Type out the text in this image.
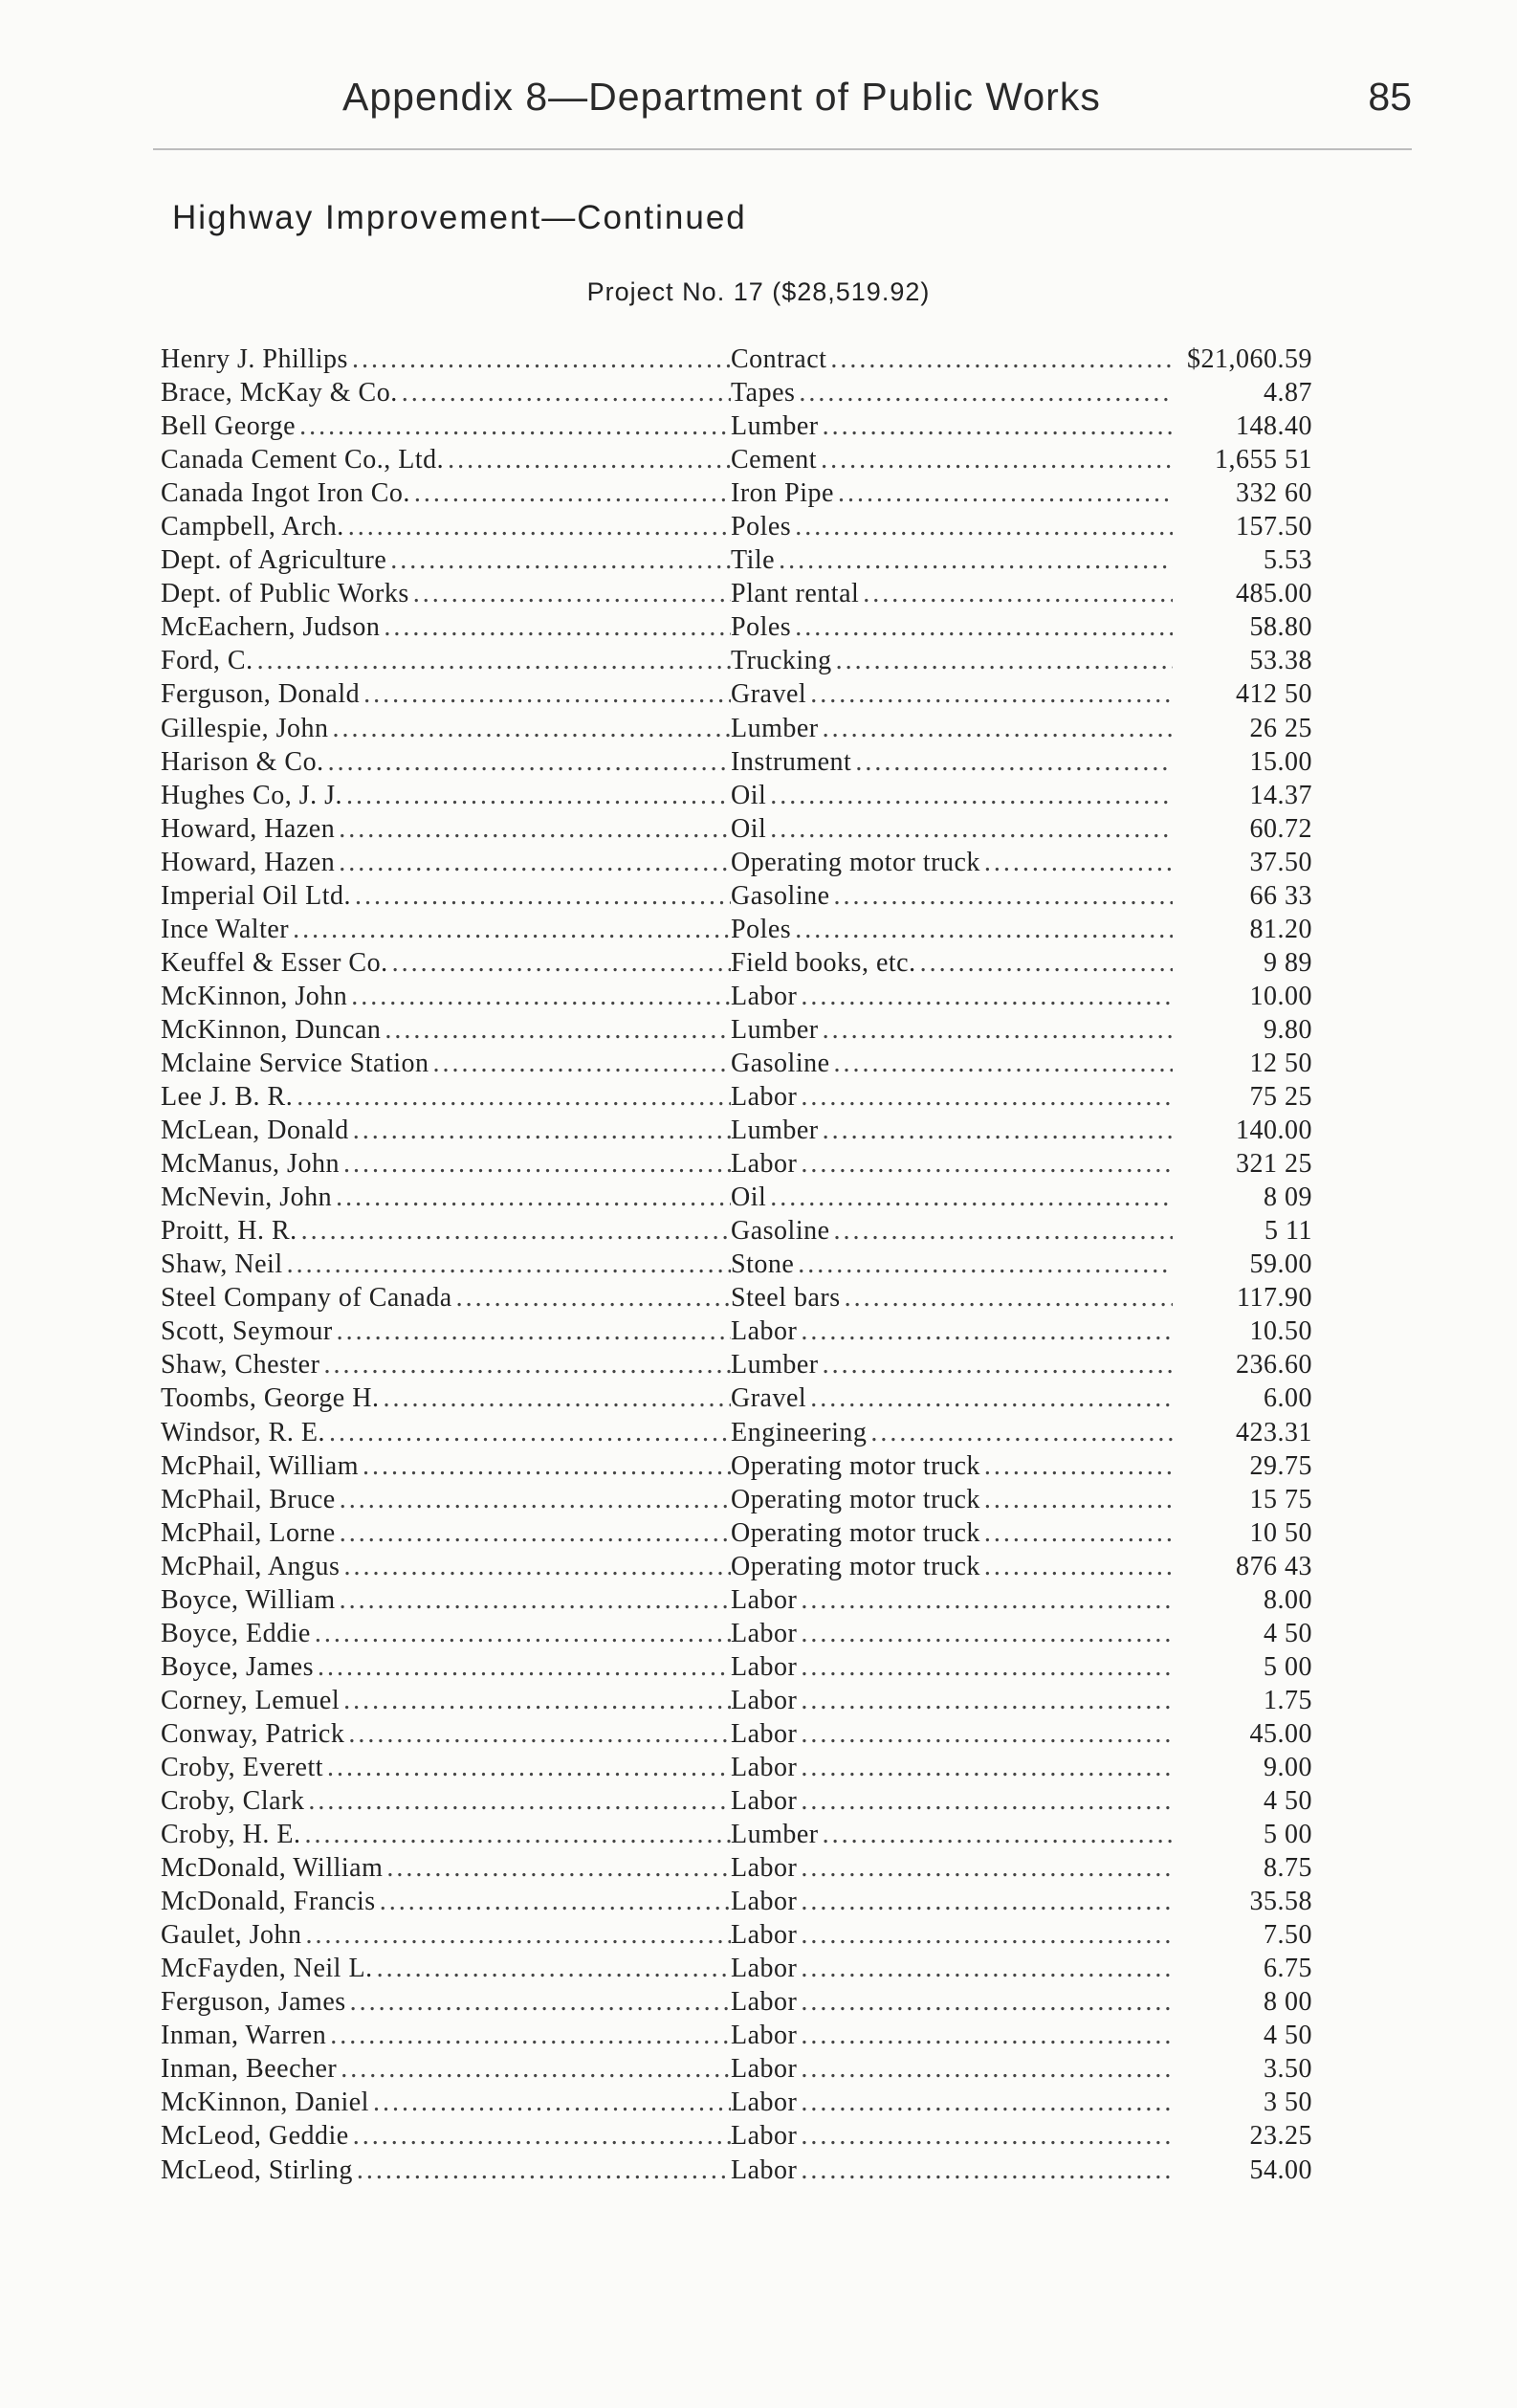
Appendix 8—Department of Public Works	85
Highway Improvement—Continued
Project No. 17 ($28,519.92)
Henry J. Phillips .....	Contract .....	$21,060.59
Brace, McKay & Co. .....	Tapes .....	4.87
Bell George .....	Lumber .....	148.40
Canada Cement Co., Ltd. .....	Cement .....	1,655 51
Canada Ingot Iron Co. .....	Iron Pipe .....	332 60
Campbell, Arch. .....	Poles .....	157.50
Dept. of Agriculture .....	Tile .....	5.53
Dept. of Public Works .....	Plant rental .....	485.00
McEachern, Judson .....	Poles .....	58.80
Ford, C. .....	Trucking .....	53.38
Ferguson, Donald .....	Gravel .....	412 50
Gillespie, John .....	Lumber .....	26 25
Harison & Co. .....	Instrument .....	15.00
Hughes Co, J. J. .....	Oil .....	14.37
Howard, Hazen .....	Oil .....	60.72
Howard, Hazen .....	Operating motor truck .....	37.50
Imperial Oil Ltd. .....	Gasoline .....	66 33
Ince Walter .....	Poles .....	81.20
Keuffel & Esser Co. .....	Field books, etc. .....	9 89
McKinnon, John .....	Labor .....	10.00
McKinnon, Duncan .....	Lumber .....	9.80
Mclaine Service Station .....	Gasoline .....	12 50
Lee J. B. R. .....	Labor .....	75 25
McLean, Donald .....	Lumber .....	140.00
McManus, John .....	Labor .....	321 25
McNevin, John .....	Oil .....	8 09
Proitt, H. R. .....	Gasoline .....	5 11
Shaw, Neil .....	Stone .....	59.00
Steel Company of Canada .....	Steel bars .....	117.90
Scott, Seymour .....	Labor .....	10.50
Shaw, Chester .....	Lumber .....	236.60
Toombs, George H. .....	Gravel .....	6.00
Windsor, R. E. .....	Engineering .....	423.31
McPhail, William .....	Operating motor truck .....	29.75
McPhail, Bruce .....	Operating motor truck .....	15 75
McPhail, Lorne .....	Operating motor truck .....	10 50
McPhail, Angus .....	Operating motor truck .....	876 43
Boyce, William .....	Labor .....	8.00
Boyce, Eddie .....	Labor .....	4 50
Boyce, James .....	Labor .....	5 00
Corney, Lemuel .....	Labor .....	1.75
Conway, Patrick .....	Labor .....	45.00
Croby, Everett .....	Labor .....	9.00
Croby, Clark .....	Labor .....	4 50
Croby, H. E. .....	Lumber .....	5 00
McDonald, William .....	Labor .....	8.75
McDonald, Francis .....	Labor .....	35.58
Gaulet, John .....	Labor .....	7.50
McFayden, Neil L. .....	Labor .....	6.75
Ferguson, James .....	Labor .....	8 00
Inman, Warren .....	Labor .....	4 50
Inman, Beecher .....	Labor .....	3.50
McKinnon, Daniel .....	Labor .....	3 50
McLeod, Geddie .....	Labor .....	23.25
McLeod, Stirling .....	Labor .....	54.00
